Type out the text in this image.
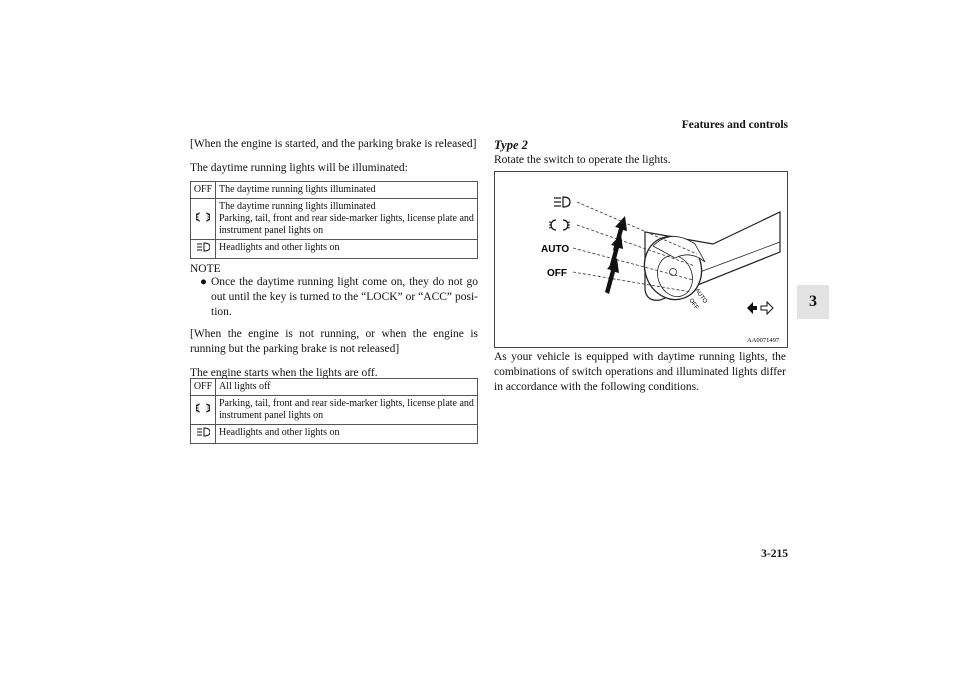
Features and controls
3-215
3
[When the engine is started, and the parking brake is released]
The daytime running lights will be illuminated:
OFF	The daytime running lights illuminated
	The daytime running lights illuminated
Parking, tail, front and rear side-marker lights, license plate and instrument panel lights on
	Headlights and other lights on
NOTE
● Once the daytime running light come on, they do not go out until the key is turned to the “LOCK” or “ACC” posi-tion.
[When the engine is not running, or when the engine is running but the parking brake is not released]
The engine starts when the lights are off.
OFF	All lights off
	Parking, tail, front and rear side-marker lights, license plate and instrument panel lights on
	Headlights and other lights on
Type 2
Rotate the switch to operate the lights.
AUTO
OFF
AUTO
OFF
AA0071497
As your vehicle is equipped with daytime running lights, the combinations of switch operations and illuminated lights differ in accordance with the following conditions.
